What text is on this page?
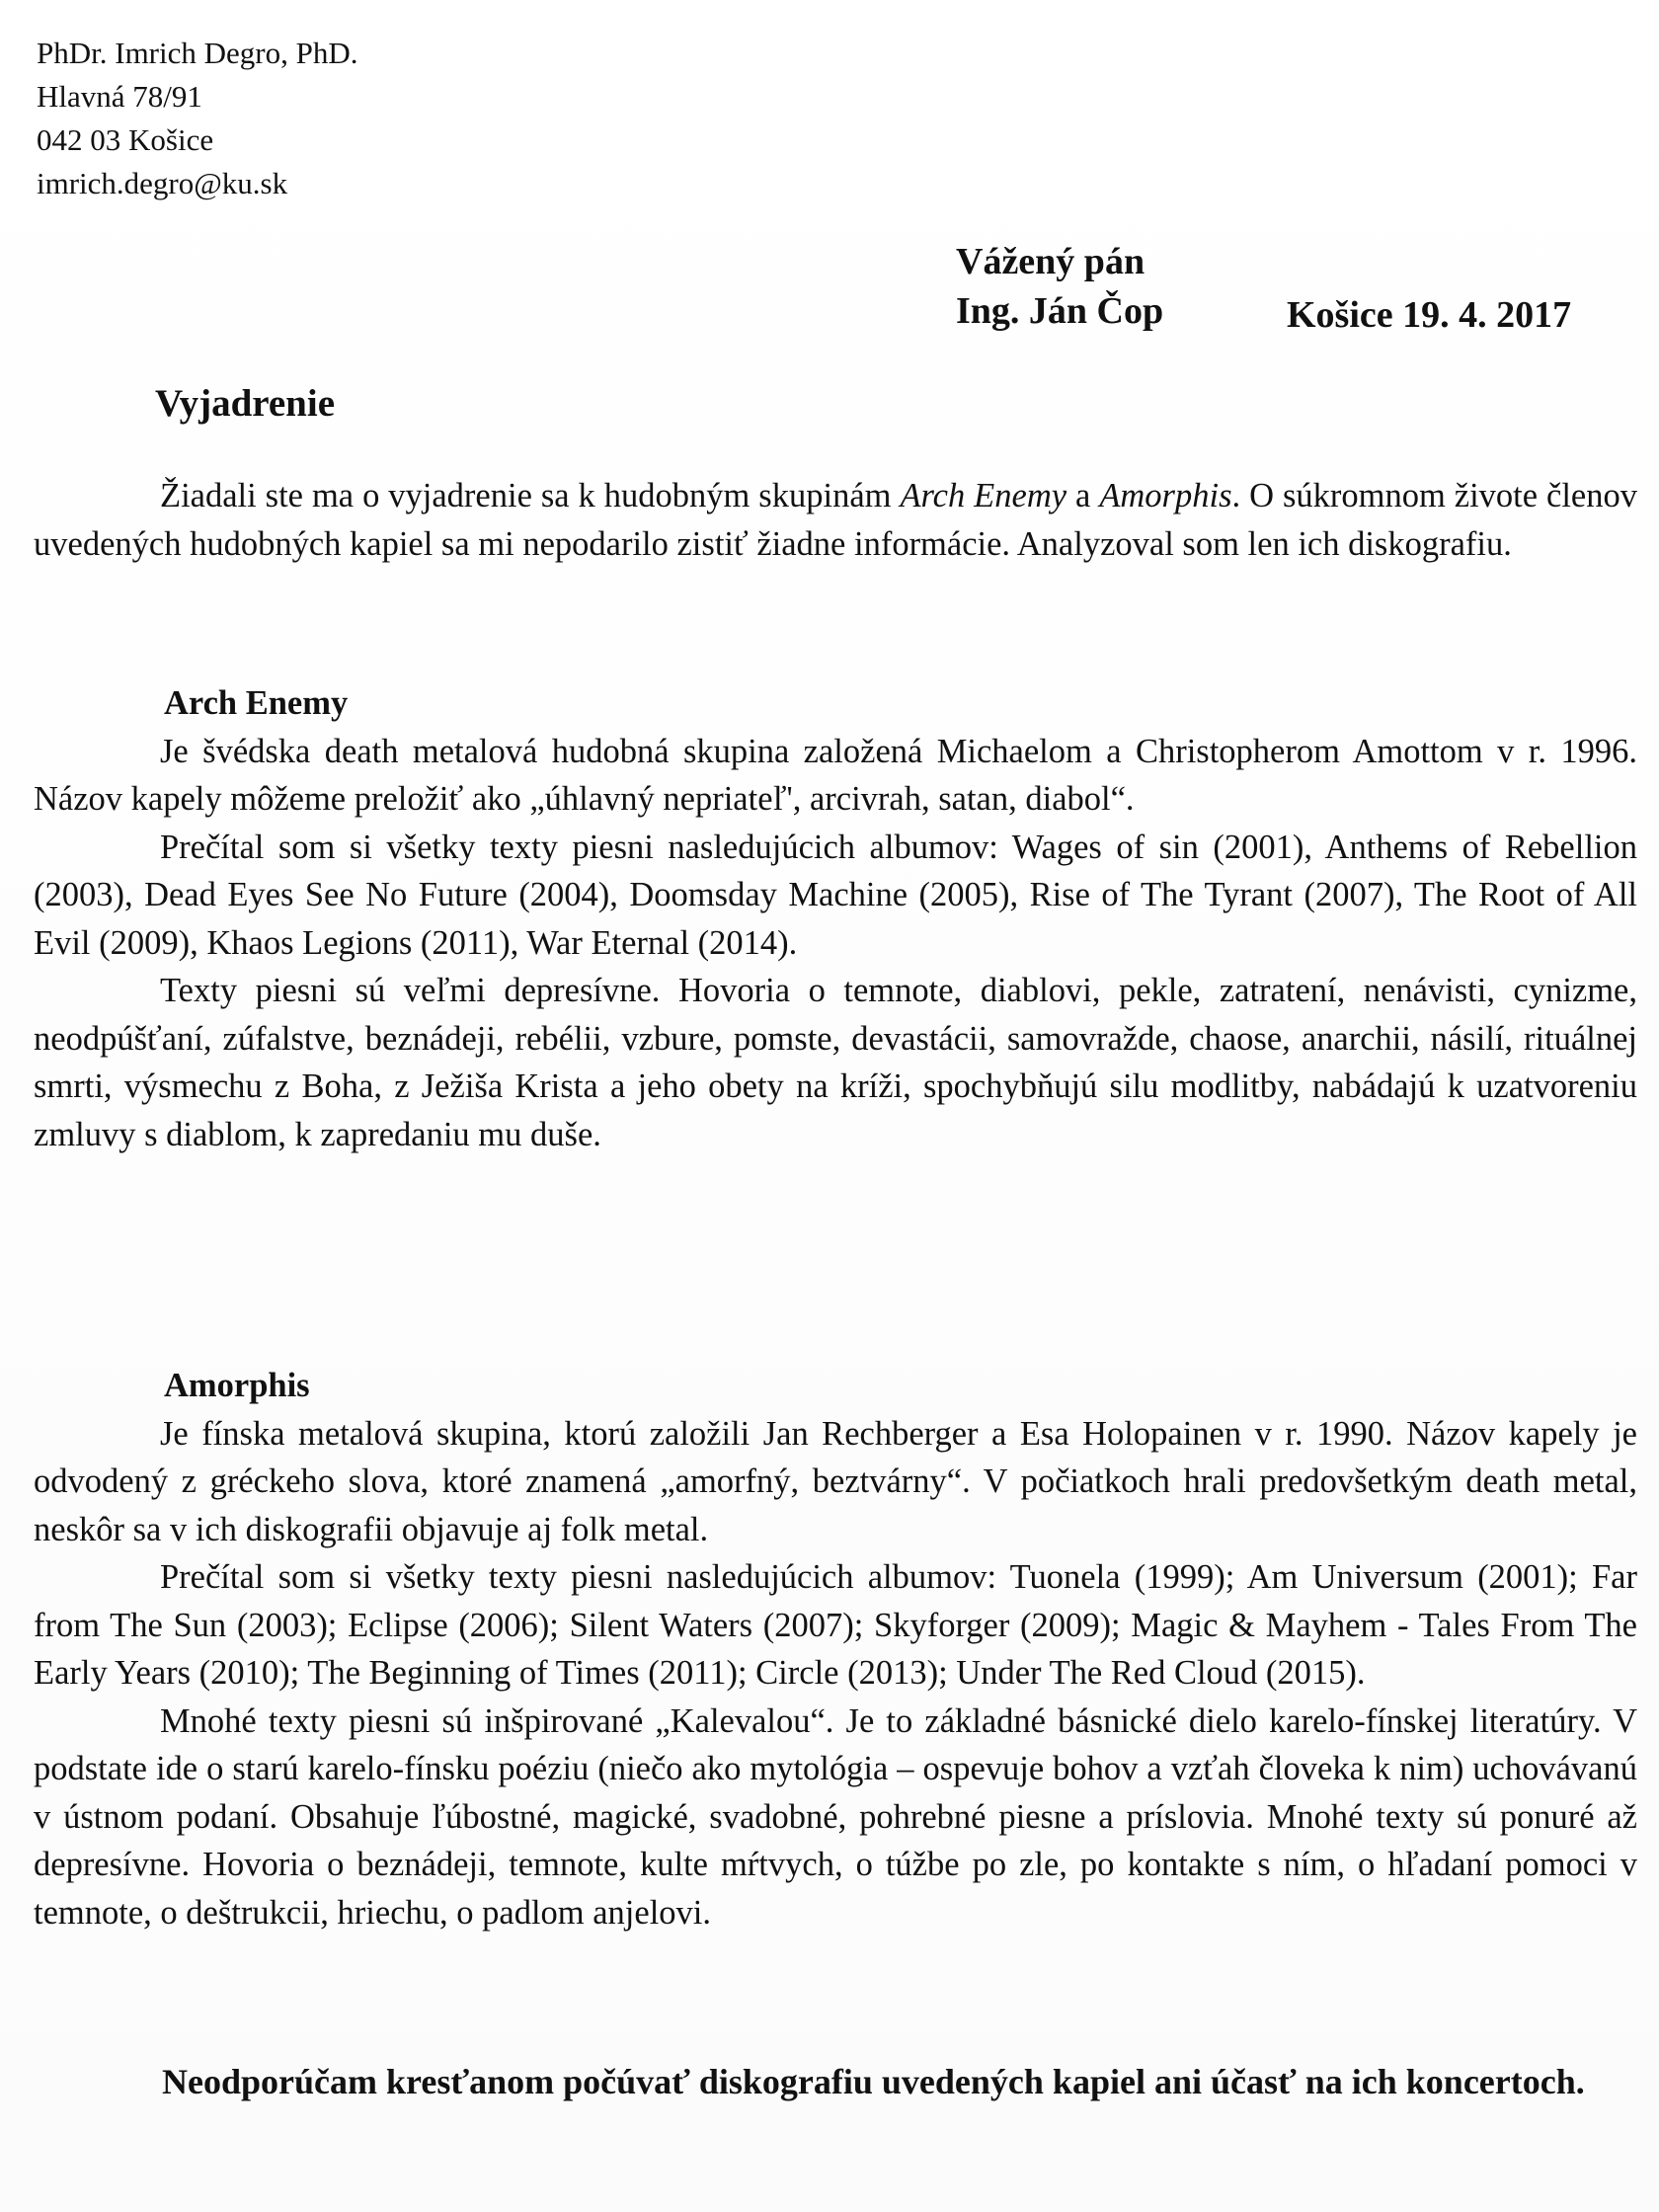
PhDr. Imrich Degro, PhD.
Hlavná 78/91
042 03 Košice
imrich.degro@ku.sk
Vážený pán
Ing. Ján Čop	Košice 19. 4. 2017
Vyjadrenie

Žiadali ste ma o vyjadrenie sa k hudobným skupinám Arch Enemy a Amorphis. O súkromnom živote členov uvedených hudobných kapiel sa mi nepodarilo zistiť žiadne informácie. Analyzoval som len ich diskografiu.

Arch Enemy

Je švédska death metalová hudobná skupina založená Michaelom a Christopherom Amottom v r. 1996. Názov kapely môžeme preložiť ako „úhlavný nepriateľ', arcivrah, satan, diabol“.

Prečítal som si všetky texty piesni nasledujúcich albumov: Wages of sin (2001), Anthems of Rebellion (2003), Dead Eyes See No Future (2004), Doomsday Machine (2005), Rise of The Tyrant (2007), The Root of All Evil (2009), Khaos Legions (2011), War Eternal (2014).

Texty piesni sú veľmi depresívne. Hovoria o temnote, diablovi, pekle, zatratení, nenávisti, cynizme, neodpúšťaní, zúfalstve, beznádeji, rebélii, vzbure, pomste, devastácii, samovražde, chaose, anarchii, násilí, rituálnej smrti, výsmechu z Boha, z Ježiša Krista a jeho obety na kríži, spochybňujú silu modlitby, nabádajú k uzatvoreniu zmluvy s diablom, k zapredaniu mu duše.

Amorphis

Je fínska metalová skupina, ktorú založili Jan Rechberger a Esa Holopainen v r. 1990. Názov kapely je odvodený z gréckeho slova, ktoré znamená „amorfný, beztvárny“. V počiatkoch hrali predovšetkým death metal, neskôr sa v ich diskografii objavuje aj folk metal.

Prečítal som si všetky texty piesni nasledujúcich albumov: Tuonela (1999); Am Universum (2001); Far from The Sun (2003); Eclipse (2006); Silent Waters (2007); Skyforger (2009); Magic & Mayhem - Tales From The Early Years (2010); The Beginning of Times (2011); Circle (2013); Under The Red Cloud (2015).

Mnohé texty piesni sú inšpirované „Kalevalou“. Je to základné básnické dielo karelo-fínskej literatúry. V podstate ide o starú karelo-fínsku poéziu (niečo ako mytológia – ospevuje bohov a vzťah človeka k nim) uchovávanú v ústnom podaní. Obsahuje ľúbostné, magické, svadobné, pohrebné piesne a príslovia. Mnohé texty sú ponuré až depresívne. Hovoria o beznádeji, temnote, kulte mŕtvych, o túžbe po zle, po kontakte s ním, o hľadaní pomoci v temnote, o deštrukcii, hriechu, o padlom anjelovi.

Neodporúčam kresťanom počúvať diskografiu uvedených kapiel ani účasť na ich koncertoch.
